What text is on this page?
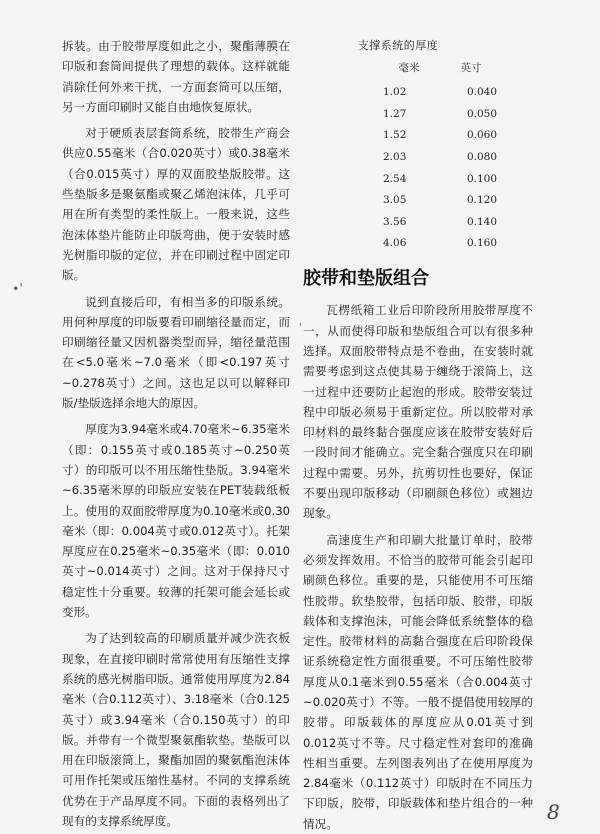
拆装。由于胶带厚度如此之小，聚酯薄膜在印版和套筒间提供了理想的载体。这样就能消除任何外来干扰，一方面套筒可以压缩，另一方面印刷时又能自由地恢复原状。

对于硬质表层套筒系统，胶带生产商会供应0.55毫米（合0.020英寸）或0.38毫米（合0.015英寸）厚的双面胶垫版胶带。这些垫版多是聚氨酯或聚乙烯泡沫体，几乎可用在所有类型的柔性版上。一般来说，这些泡沫体垫片能防止印版弯曲，便于安装时感光树脂印版的定位，并在印刷过程中固定印版。

说到直接后印，有相当多的印版系统。用何种厚度的印版要看印刷缩径量而定，而印刷缩径量又因机器类型而异，缩径量范围在<5.0毫米~7.0毫米（即<0.197英寸~0.278英寸）之间。这也足以可以解释印版/垫版选择余地大的原因。

厚度为3.94毫米或4.70毫米~6.35毫米（即：0.155英寸或0.185英寸~0.250英寸）的印版可以不用压缩性垫版。3.94毫米~6.35毫米厚的印版应安装在PET装载纸板上。使用的双面胶带厚度为0.10毫米或0.30毫米（即：0.004英寸或0.012英寸）。托架厚度应在0.25毫米~0.35毫米（即：0.010英寸~0.014英寸）之间。这对于保持尺寸稳定性十分重要。较薄的托架可能会延长或变形。

为了达到较高的印刷质量并减少洗衣板现象，在直接印刷时常常使用有压缩性支撑系统的感光树脂印版。通常使用厚度为2.84毫米（合0.112英寸）、3.18毫米（合0.125英寸）或3.94毫米（合0.150英寸）的印版。并带有一个微型聚氨酯软垫。垫版可以用在印版滚筒上，聚酯加固的聚氨酯泡沫体可用作托架或压缩性基材。不同的支撑系统优势在于产品厚度不同。下面的表格列出了现有的支撑系统厚度。

支撑系统的厚度
毫米	英寸
1.02	0.040
1.27	0.050
1.52	0.060
2.03	0.080
2.54	0.100
3.05	0.120
3.56	0.140
4.06	0.160
胶带和垫版组合

瓦楞纸箱工业后印阶段所用胶带厚度不一，从而使得印版和垫版组合可以有很多种选择。双面胶带特点是不卷曲，在安装时就需要考虑到这点使其易于缠绕于滚筒上，这一过程中还要防止起泡的形成。胶带安装过程中印版必须易于重新定位。所以胶带对承印材料的最终黏合强度应该在胶带安装好后一段时间才能确立。完全黏合强度只在印刷过程中需要。另外，抗剪切性也要好，保证不要出现印版移动（印刷颜色移位）或翘边现象。

高速度生产和印刷大批量订单时，胶带必须发挥效用。不恰当的胶带可能会引起印刷颜色移位。重要的是，只能使用不可压缩性胶带。软垫胶带，包括印版、胶带，印版载体和支撑泡沫，可能会降低系统整体的稳定性。胶带材料的高黏合强度在后印阶段保证系统稳定性方面很重要。不可压缩性胶带厚度从0.1毫米到0.55毫米（合0.004英寸~0.020英寸）不等。一般不提倡使用较厚的胶带。印版载体的厚度应从0.01英寸到0.012英寸不等。尺寸稳定性对套印的准确性相当重要。左列图表列出了在使用厚度为2.84毫米（0.112英寸）印版时在不同压力下印版，胶带，印版载体和垫片组合的一种情况。

∙'
'
8
